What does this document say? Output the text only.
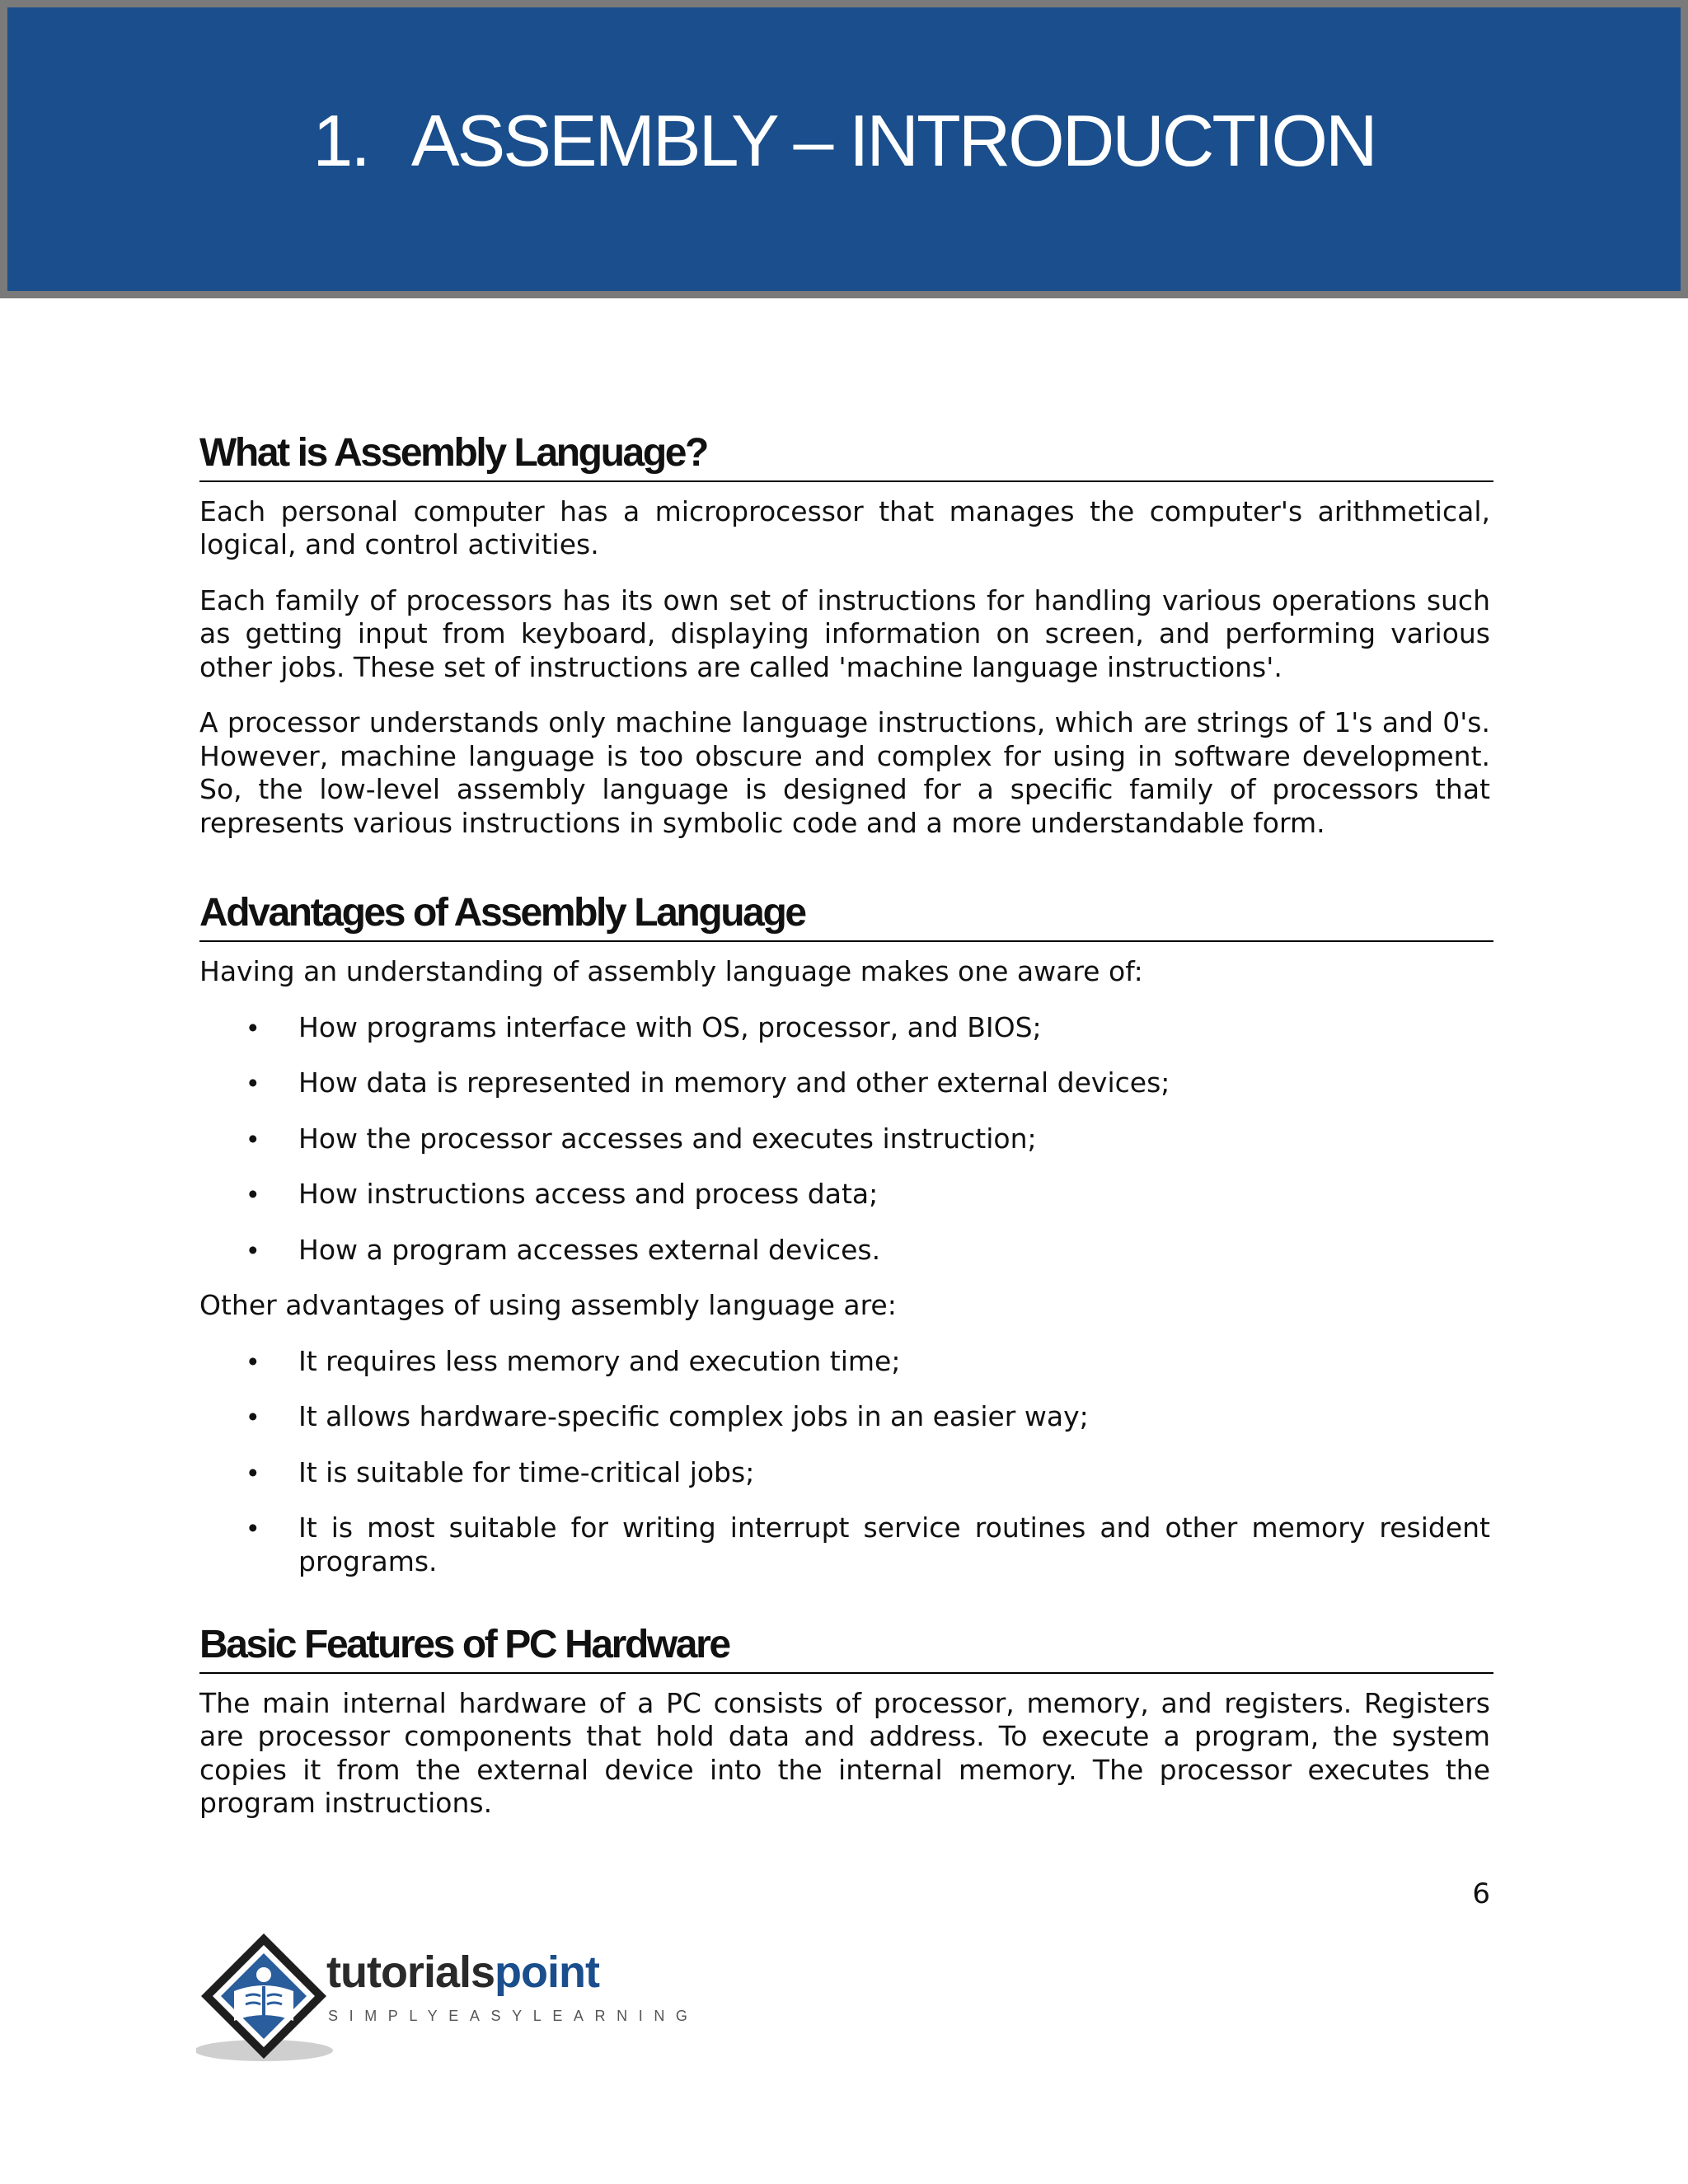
1. ASSEMBLY – INTRODUCTION
What is Assembly Language?

Each personal computer has a microprocessor that manages the computer's arithmetical, logical, and control activities.

Each family of processors has its own set of instructions for handling various operations such as getting input from keyboard, displaying information on screen, and performing various other jobs. These set of instructions are called 'machine language instructions'.

A processor understands only machine language instructions, which are strings of 1's and 0's. However, machine language is too obscure and complex for using in software development. So, the low-level assembly language is designed for a specific family of processors that represents various instructions in symbolic code and a more understandable form.

Advantages of Assembly Language

Having an understanding of assembly language makes one aware of:

• How programs interface with OS, processor, and BIOS;
• How data is represented in memory and other external devices;
• How the processor accesses and executes instruction;
• How instructions access and process data;
• How a program accesses external devices.

Other advantages of using assembly language are:

• It requires less memory and execution time;
• It allows hardware-specific complex jobs in an easier way;
• It is suitable for time-critical jobs;
• It is most suitable for writing interrupt service routines and other memory resident programs.
Basic Features of PC Hardware

The main internal hardware of a PC consists of processor, memory, and registers. Registers are processor components that hold data and address. To execute a program, the system copies it from the external device into the internal memory. The processor executes the program instructions.

6
tutorialspoint
SIMPLYEASYLEARNING
